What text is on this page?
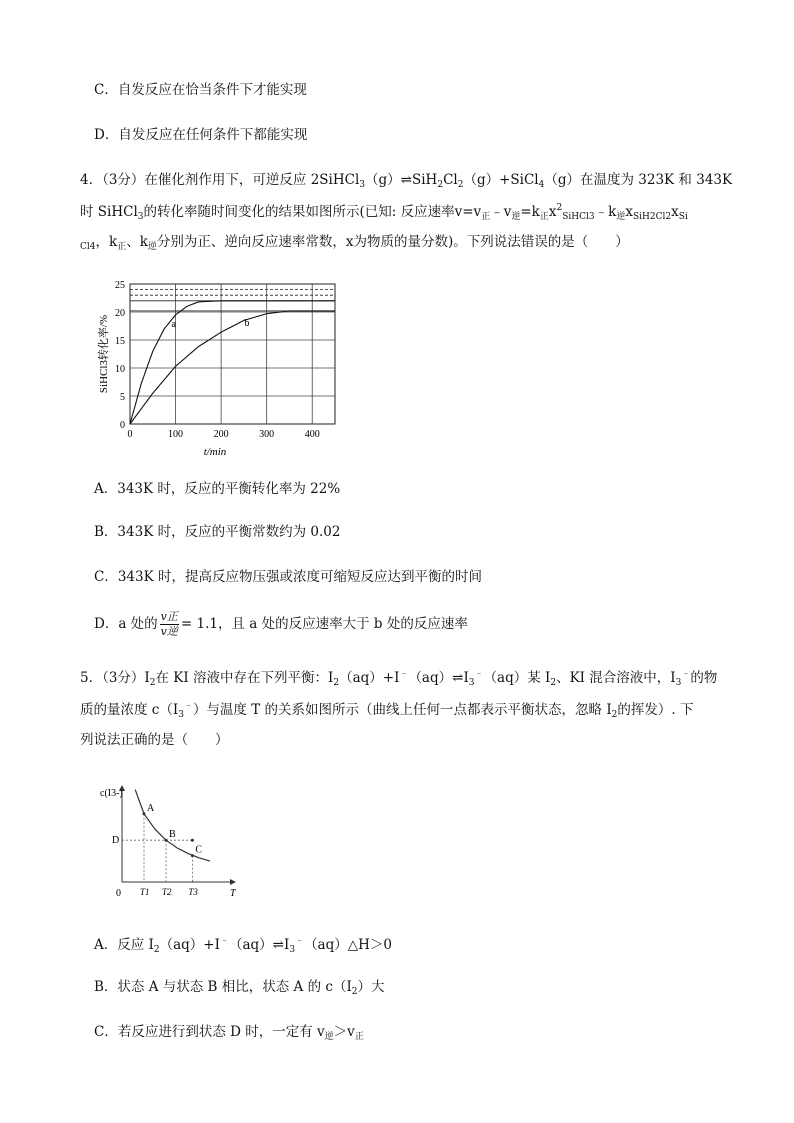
C．自发反应在恰当条件下才能实现
D．自发反应在任何条件下都能实现
4．（3分）在催化剂作用下，可逆反应 $2SiHCl_3(g)\rightleftharpoons SiH_2Cl_2(g)+SiCl_4(g)$在温度为 323K 和 343K
时 SiHCl$_3$的转化率随时间变化的结果如图所示(已知: 反应速率$v=v_正﹣v_逆=k_正x^2_{SiHCl3}﹣k_逆x_{SiH2Cl2}x_{Si}$
$_{Cl4}$，$k_正$、$k_逆$分别为正、逆向反应速率常数，x为物质的量分数)。下列说法错误的是（　　）
0	100	200	300	400
0
5
10
15
20
25
a	b
t/min
SiHCl3转化率/%
A．343K 时，反应的平衡转化率为 22%
B．343K 时，反应的平衡常数约为 0.02
C．343K 时，提高反应物压强或浓度可缩短反应达到平衡的时间
D．a 处的 $\frac{\text{v正}}{\text{v逆}} = 1.1$，且 a 处的反应速率大于 b 处的反应速率
5．（3分）$I_2$在 KI 溶液中存在下列平衡：$I_2(aq)+I^﹣(aq)\rightleftharpoons I_3^﹣(aq)$某 $I_2$、KI 混合溶液中，$I_3^﹣$的物
质的量浓度 $c(I_3^﹣)$与温度 T 的关系如图所示（曲线上任何一点都表示平衡状态，忽略 $I_2$的挥发）. 下
列说法正确的是（　　）
A
B
C
D
T1 T2 T3
c(I3-)
0	T
A．反应 $I_2(aq)+I^﹣(aq)\rightleftharpoons I_3^﹣(aq)\triangle H>0$
B．状态 A 与状态 B 相比，状态 A 的 $c(I_2)$大
C．若反应进行到状态 D 时，一定有 $v_逆>v_正$
